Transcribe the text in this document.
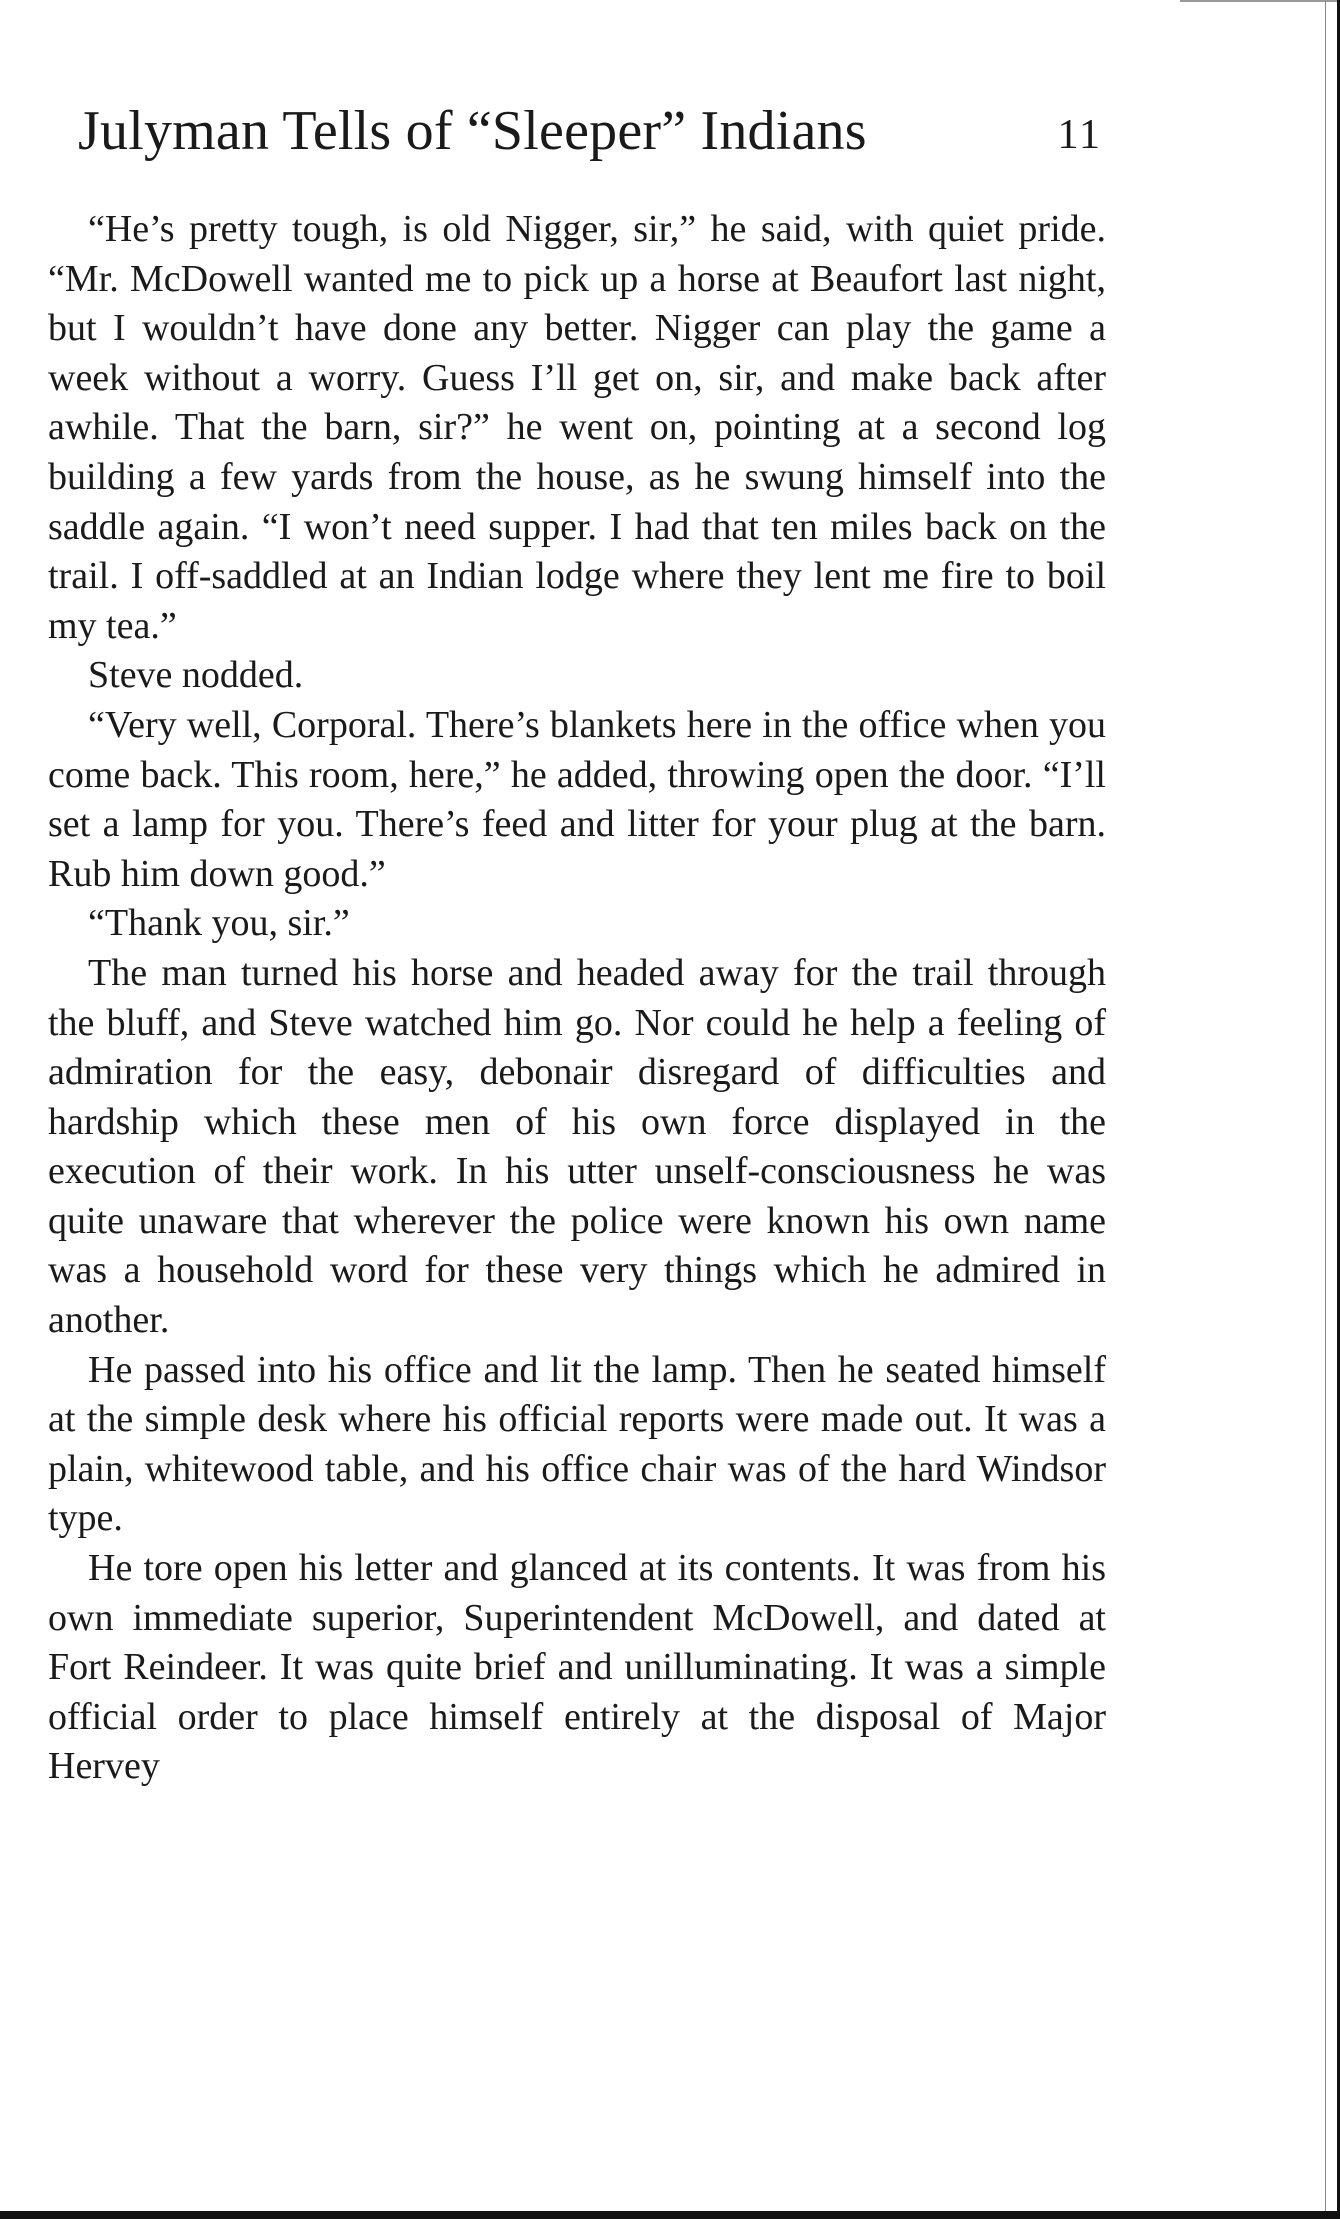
Julyman Tells of “Sleeper” Indians	11

“He’s pretty tough, is old Nigger, sir,” he said, with quiet pride. “Mr. McDowell wanted me to pick up a horse at Beaufort last night, but I wouldn’t have done any better. Nigger can play the game a week without a worry. Guess I’ll get on, sir, and make back after awhile. That the barn, sir?” he went on, pointing at a second log building a few yards from the house, as he swung himself into the saddle again. “I won’t need supper. I had that ten miles back on the trail. I off-saddled at an Indian lodge where they lent me fire to boil my tea.”

Steve nodded.

“Very well, Corporal. There’s blankets here in the office when you come back. This room, here,” he added, throwing open the door. “I’ll set a lamp for you. There’s feed and litter for your plug at the barn. Rub him down good.”

“Thank you, sir.”

The man turned his horse and headed away for the trail through the bluff, and Steve watched him go. Nor could he help a feeling of admiration for the easy, debonair disregard of difficulties and hardship which these men of his own force displayed in the execution of their work. In his utter unself-consciousness he was quite unaware that wherever the police were known his own name was a household word for these very things which he admired in another.

He passed into his office and lit the lamp. Then he seated himself at the simple desk where his official reports were made out. It was a plain, whitewood table, and his office chair was of the hard Windsor type.

He tore open his letter and glanced at its contents. It was from his own immediate superior, Superintendent McDowell, and dated at Fort Reindeer. It was quite brief and unilluminating. It was a simple official order to place himself entirely at the disposal of Major Hervey
